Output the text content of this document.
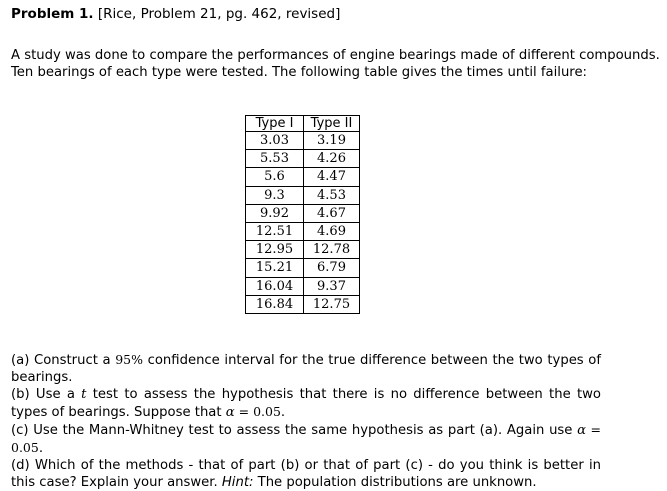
Problem 1. [Rice, Problem 21, pg. 462, revised]
A study was done to compare the performances of engine bearings made of different compounds.
Ten bearings of each type were tested. The following table gives the times until failure:
Type I	Type II
3.03	3.19
5.53	4.26
5.6	4.47
9.3	4.53
9.92	4.67
12.51	4.69
12.95	12.78
15.21	6.79
16.04	9.37
16.84	12.75
(a) Construct a 95% confidence interval for the true difference between the two types of bearings.
(b) Use a t test to assess the hypothesis that there is no difference between the two types of bearings. Suppose that α = 0.05.
(c) Use the Mann-Whitney test to assess the same hypothesis as part (a). Again use α = 0.05.
(d) Which of the methods - that of part (b) or that of part (c) - do you think is better in this case? Explain your answer. Hint: The population distributions are unknown.
